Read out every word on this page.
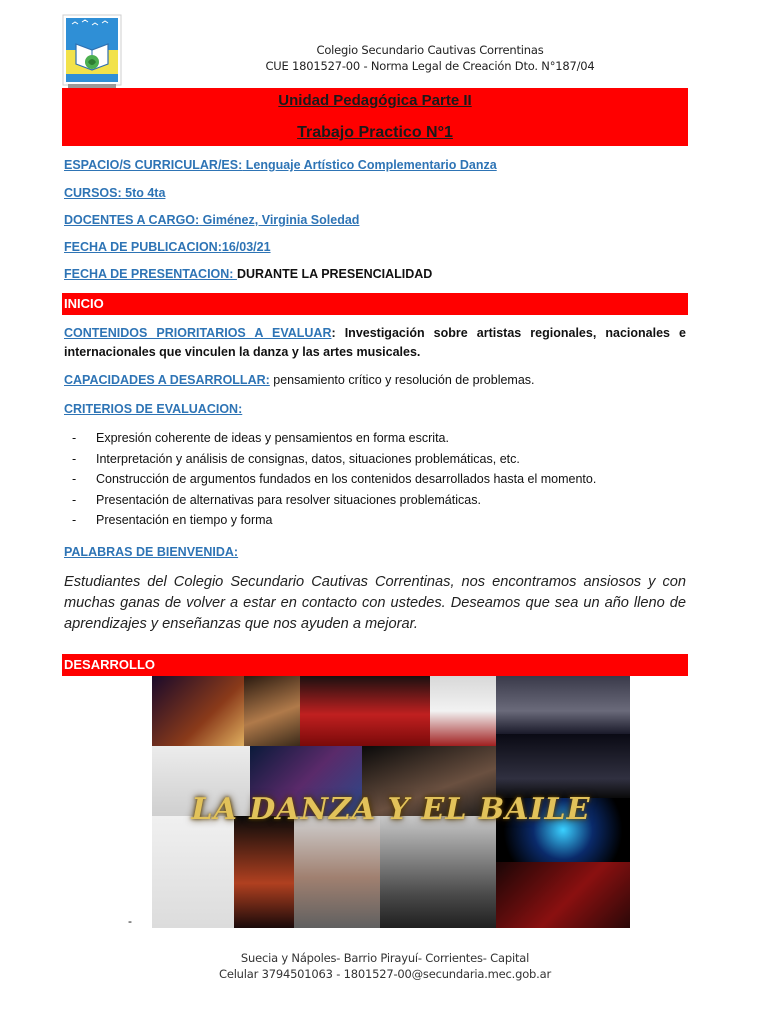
Colegio Secundario Cautivas Correntinas
CUE 1801527-00 - Norma Legal de Creación Dto. N°187/04
Unidad Pedagógica Parte II
Trabajo Practico N°1
ESPACIO/S CURRICULAR/ES: Lenguaje Artístico Complementario Danza
CURSOS: 5to 4ta
DOCENTES A CARGO: Giménez, Virginia Soledad
FECHA DE PUBLICACION:16/03/21
FECHA DE PRESENTACION: DURANTE LA PRESENCIALIDAD
INICIO
CONTENIDOS PRIORITARIOS A EVALUAR: Investigación sobre artistas regionales, nacionales e internacionales que vinculen la danza y las artes musicales.
CAPACIDADES A DESARROLLAR: pensamiento crítico y resolución de problemas.
CRITERIOS DE EVALUACION:
- Expresión coherente de ideas y pensamientos en forma escrita.
- Interpretación y análisis de consignas, datos, situaciones problemáticas, etc.
- Construcción de argumentos fundados en los contenidos desarrollados hasta el momento.
- Presentación de alternativas para resolver situaciones problemáticas.
- Presentación en tiempo y forma
PALABRAS DE BIENVENIDA:
Estudiantes del Colegio Secundario Cautivas Correntinas, nos encontramos ansiosos y con muchas ganas de volver a estar en contacto con ustedes. Deseamos que sea un año lleno de aprendizajes y enseñanzas que nos ayuden a mejorar.
DESARROLLO
LA DANZA Y EL BAILE
-
Suecia y Nápoles- Barrio Pirayuí- Corrientes- Capital
Celular 3794501063 - 1801527-00@secundaria.mec.gob.ar
